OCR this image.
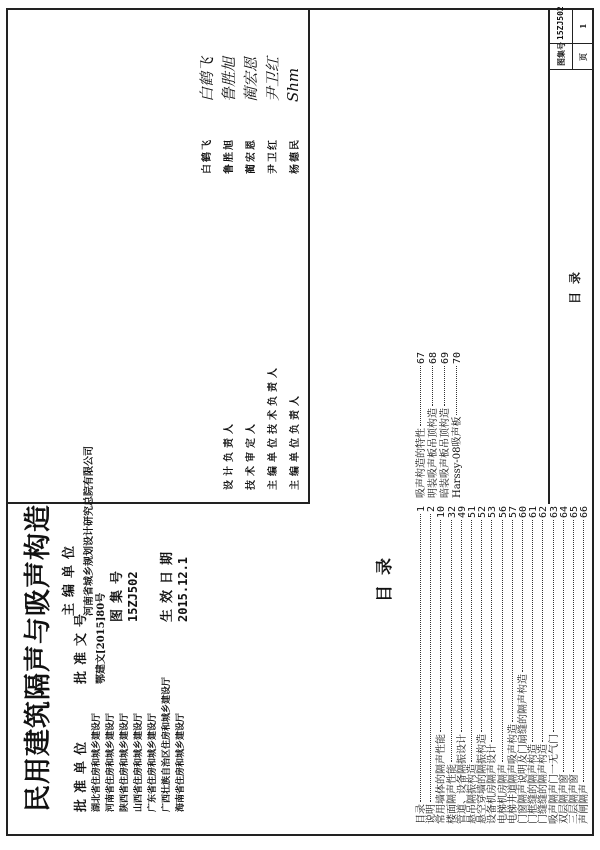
民用建筑隔声与吸声构造	批准单位
批准文号
主编单位 河南省城乡规划设计研究总院有限公司
鄂建文[2015]80号 图集号 15ZJ502	生效日期 2015.12.1
湖北省住房和城乡建设厅 河南省住房和城乡建设厅 陕西省住房和城乡建设厅 山西省住房和城乡建设厅 广东省住房和城乡建设厅 广西壮族自治区住房和城乡建设厅 海南省住房和城乡建设厅
目录
目录
1
说明
2
常用墙体的隔声性能
10
楼面隔声性能
32
管道、设备隔振设计
49
悬吊隔振构造
51
悬空穿墙的隔振构造
52
设备机房隔声设计
53
电梯机房隔声
56
电梯井道隔声吸声构造
57
门窗隔声说明及门扇缝的隔声构造
60
门框缝的隔声构造
61
门缝缝的隔声构造
62
吸声隔声门一无气门
63
双层隔声窗
64
三层隔声窗
65
声闸隔声
66
吸声构造的特性
67
明装吸声板吊顶构造
68
暗装吸声板吊顶构造
69
Harssy-08吸声板
70
主编单位负责人
主编单位技术负责人
技术审定人
设计负责人
杨德民
尹卫红
蔺宏恩
鲁胜旭
白鹤飞
Shm
尹卫红
蔺宏恩
鲁胜旭
白鹤飞
目录
图集号
15ZJ502
页
1
